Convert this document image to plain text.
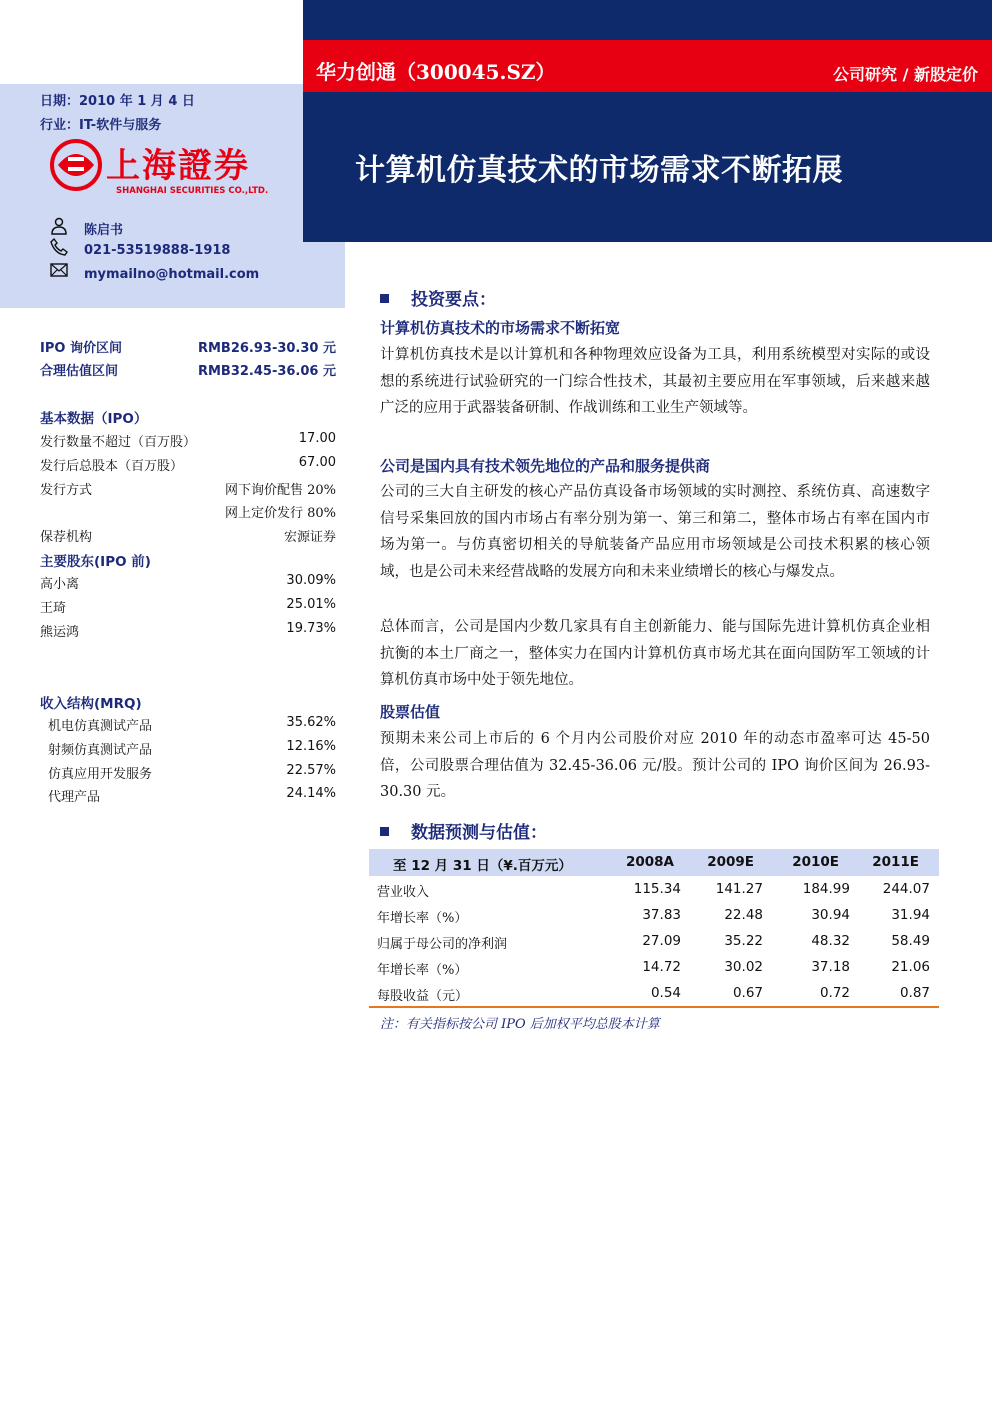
华力创通（300045.SZ）	公司研究 / 新股定价
计算机仿真技术的市场需求不断拓展
日期：2010 年 1 月 4 日
行业：IT-软件与服务
上海證券
SHANGHAI SECURITIES CO.,LTD.
陈启书
021-53519888-1918
mymailno@hotmail.com
IPO 询价区间	RMB26.93-30.30 元
合理估值区间	RMB32.45-36.06 元
基本数据（IPO）
发行数量不超过（百万股）	17.00
发行后总股本（百万股）	67.00
发行方式	网下询价配售 20%
网上定价发行 80%
保荐机构	宏源证券
主要股东(IPO 前)
高小离	30.09%
王琦	25.01%
熊运鸿	19.73%
收入结构(MRQ)
机电仿真测试产品	35.62%
射频仿真测试产品	12.16%
仿真应用开发服务	22.57%
代理产品	24.14%
投资要点：
计算机仿真技术的市场需求不断拓宽
计算机仿真技术是以计算机和各种物理效应设备为工具，利用系统模型对实际的或设想的系统进行试验研究的一门综合性技术，其最初主要应用在军事领域，后来越来越广泛的应用于武器装备研制、作战训练和工业生产领域等。
公司是国内具有技术领先地位的产品和服务提供商
公司的三大自主研发的核心产品仿真设备市场领域的实时测控、系统仿真、高速数字信号采集回放的国内市场占有率分别为第一、第三和第二，整体市场占有率在国内市场为第一。与仿真密切相关的导航装备产品应用市场领域是公司技术积累的核心领域，也是公司未来经营战略的发展方向和未来业绩增长的核心与爆发点。
总体而言，公司是国内少数几家具有自主创新能力、能与国际先进计算机仿真企业相抗衡的本土厂商之一，整体实力在国内计算机仿真市场尤其在面向国防军工领域的计算机仿真市场中处于领先地位。
股票估值
预期未来公司上市后的 6 个月内公司股价对应 2010 年的动态市盈率可达 45-50 倍，公司股票合理估值为 32.45-36.06 元/股。预计公司的 IPO 询价区间为 26.93-30.30 元。
数据预测与估值：
至 12 月 31 日（¥.百万元）	2008A	2009E	2010E	2011E
营业收入	115.34	141.27	184.99	244.07
年增长率（%）	37.83	22.48	30.94	31.94
归属于母公司的净利润	27.09	35.22	48.32	58.49
年增长率（%）	14.72	30.02	37.18	21.06
每股收益（元）	0.54	0.67	0.72	0.87
注：有关指标按公司 IPO 后加权平均总股本计算
